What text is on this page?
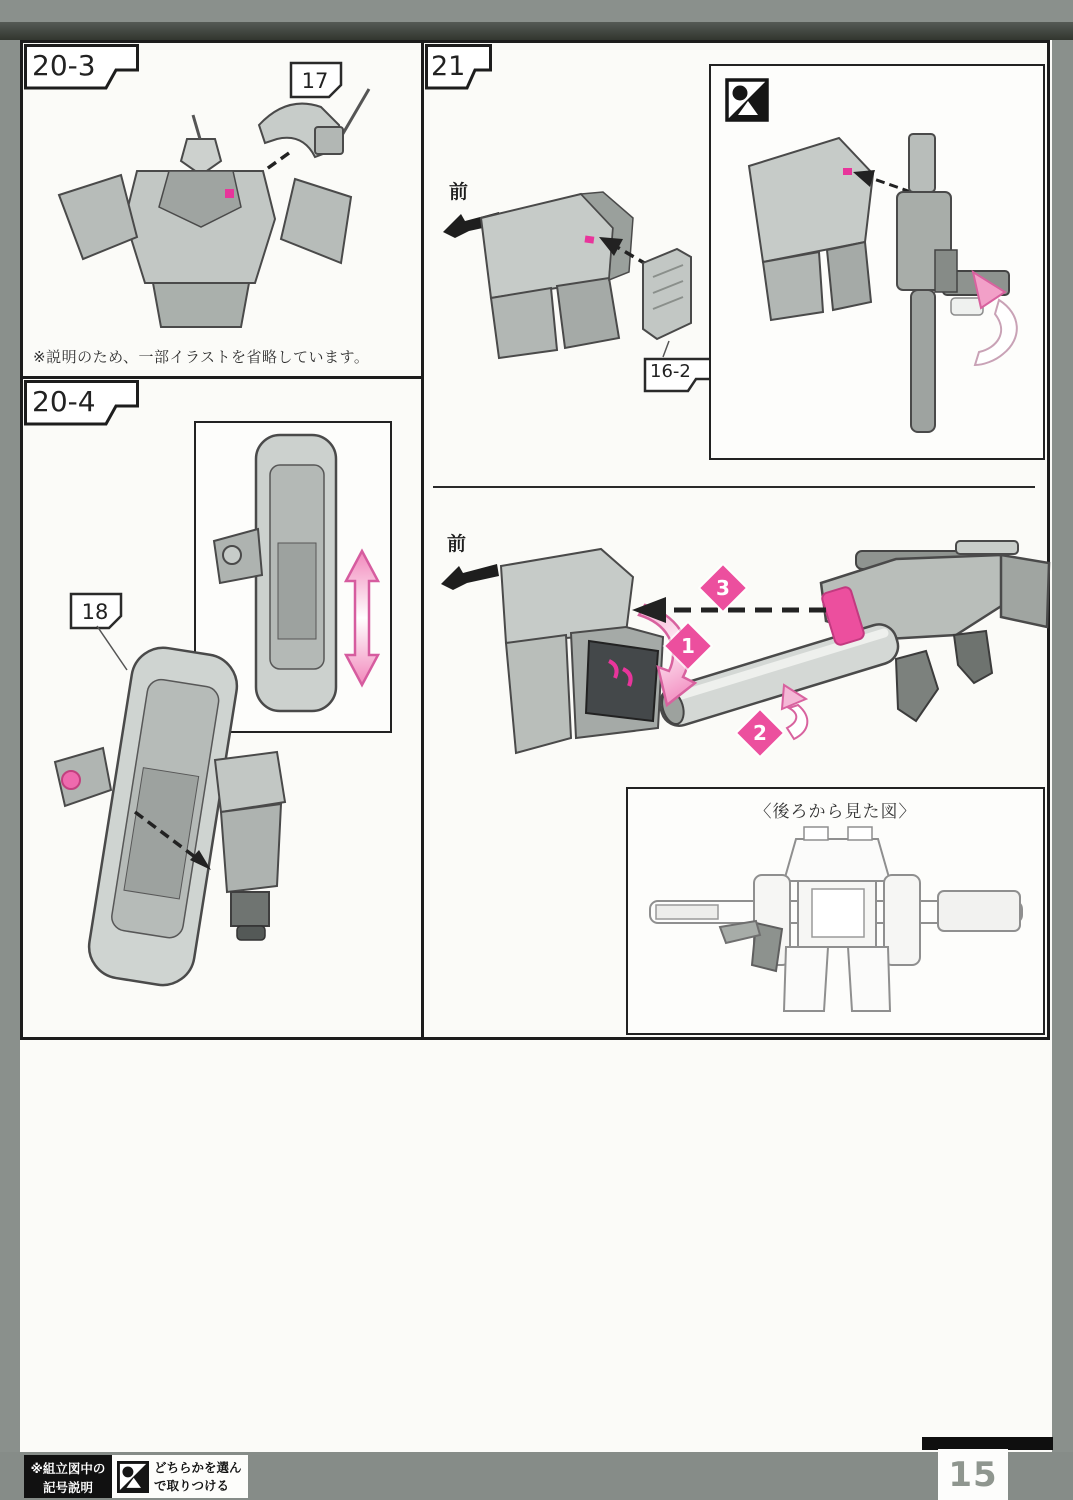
20-3	17
※説明のため、一部イラストを省略しています。
20-4
18
21
前
16-2
前
3
1
2
〈後ろから見た図〉
※組立図中の
記号説明
どちらかを選ん
で取りつける	15
